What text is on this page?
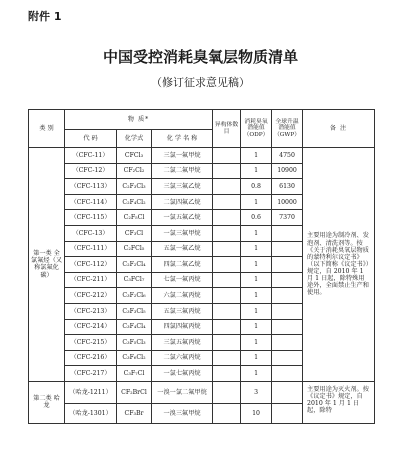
附件 1
中国受控消耗臭氧层物质清单
（修订征求意见稿）
类 别	物 质*			异构体数目	消耗臭氧潜能值（ODP）	全球升温潜能值（GWP）	备 注
	代 码	化学式	化 学 名 称				
第一类 全氯氟烃（又称氯氟化碳）	（CFC-11）	CFCl₃	三氯一氟甲烷		1	4750	主要用途为制冷剂、发泡剂、清洗剂等。按《关于消耗臭氧层物质的蒙特利尔议定书》（以下简称《议定书》）规定，自 2010 年 1 月 1 日起，除特殊用途外，全面禁止生产和使用。
	（CFC-12）	CF₂Cl₂	二氯二氟甲烷		1	10900	
	（CFC-113）	C₂F₃Cl₃	三氯三氟乙烷		0.8	6130	
	（CFC-114）	C₂F₄Cl₂	二氯四氟乙烷		1	10000	
	（CFC-115）	C₂F₅Cl	一氯五氟乙烷		0.6	7370	
	（CFC-13）	CF₃Cl	一氯三氟甲烷		1		
	（CFC-111）	C₂FCl₅	五氯一氟乙烷		1		
	（CFC-112）	C₂F₂Cl₄	四氯二氟乙烷		1		
	（CFC-211）	C₃FCl₇	七氯一氟丙烷		1		
	（CFC-212）	C₃F₂Cl₆	六氯二氟丙烷		1		
	（CFC-213）	C₃F₃Cl₅	五氯三氟丙烷		1		
	（CFC-214）	C₃F₄Cl₄	四氯四氟丙烷		1		
	（CFC-215）	C₃F₅Cl₃	三氯五氟丙烷		1		
	（CFC-216）	C₃F₆Cl₂	二氯六氟丙烷		1		
	（CFC-217）	C₃F₇Cl	一氯七氟丙烷		1		
第二类 哈龙	（哈龙-1211）	CF₂BrCl	一溴一氯二氟甲烷		3		主要用途为灭火剂。按《议定书》规定，自 2010 年 1 月 1 日起，除特
	（哈龙-1301）	CF₃Br	一溴三氟甲烷		10		
